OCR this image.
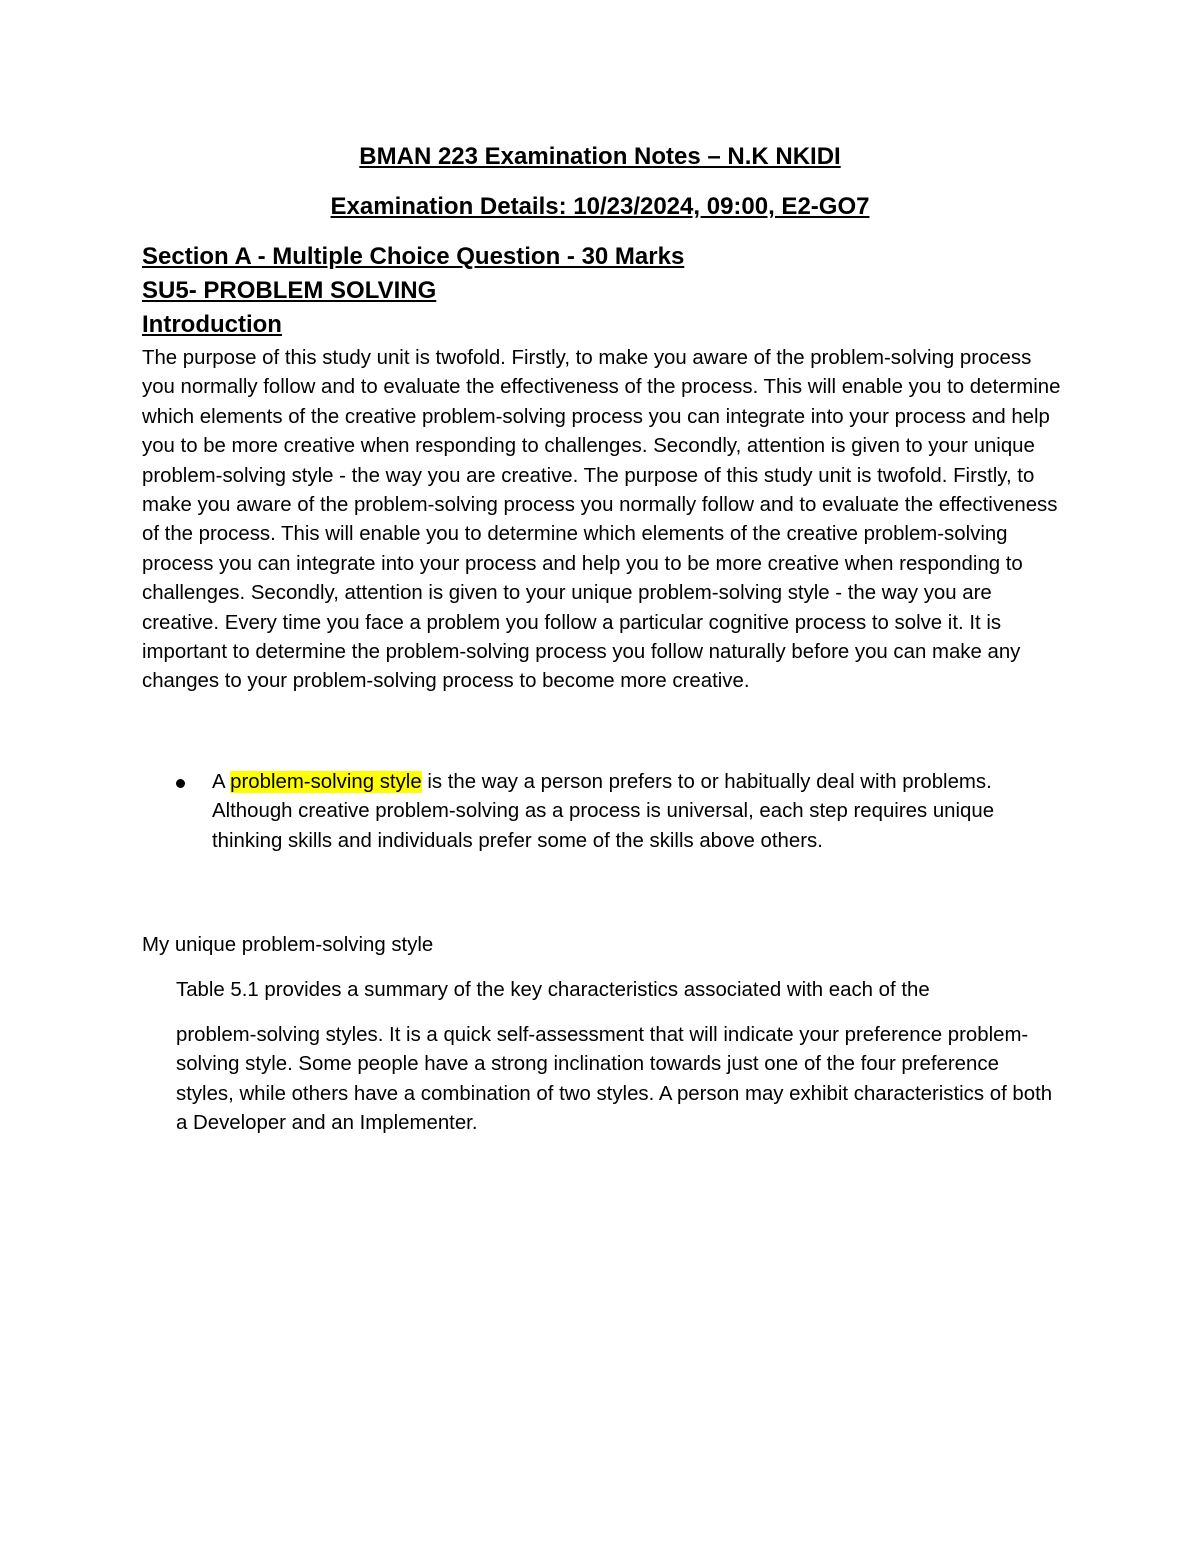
BMAN 223 Examination Notes – N.K NKIDI
Examination Details: 10/23/2024, 09:00, E2-GO7
Section A - Multiple Choice Question - 30 Marks
SU5- PROBLEM SOLVING
Introduction

The purpose of this study unit is twofold. Firstly, to make you aware of the problem-solving process you normally follow and to evaluate the effectiveness of the process. This will enable you to determine which elements of the creative problem-solving process you can integrate into your process and help you to be more creative when responding to challenges. Secondly, attention is given to your unique problem-solving style - the way you are creative. The purpose of this study unit is twofold. Firstly, to make you aware of the problem-solving process you normally follow and to evaluate the effectiveness of the process. This will enable you to determine which elements of the creative problem-solving process you can integrate into your process and help you to be more creative when responding to challenges. Secondly, attention is given to your unique problem-solving style - the way you are creative. Every time you face a problem you follow a particular cognitive process to solve it. It is important to determine the problem-solving process you follow naturally before you can make any changes to your problem-solving process to become more creative.

A problem-solving style is the way a person prefers to or habitually deal with problems. Although creative problem-solving as a process is universal, each step requires unique thinking skills and individuals prefer some of the skills above others.

My unique problem-solving style

Table 5.1 provides a summary of the key characteristics associated with each of the

problem-solving styles. It is a quick self-assessment that will indicate your preference problem-solving style. Some people have a strong inclination towards just one of the four preference styles, while others have a combination of two styles. A person may exhibit characteristics of both a Developer and an Implementer.
